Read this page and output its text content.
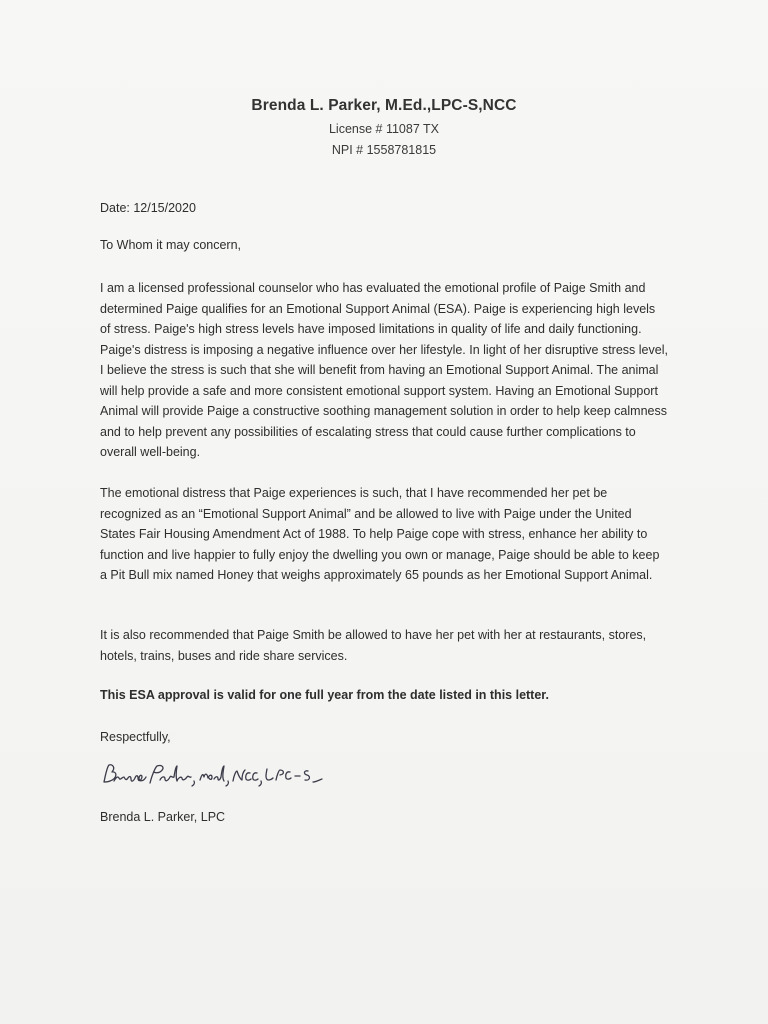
Brenda L. Parker, M.Ed.,LPC-S,NCC
License # 11087 TX
NPI # 1558781815
Date: 12/15/2020
To Whom it may concern,

I am a licensed professional counselor who has evaluated the emotional profile of Paige Smith and determined Paige qualifies for an Emotional Support Animal (ESA). Paige is experiencing high levels of stress. Paige's high stress levels have imposed limitations in quality of life and daily functioning. Paige's distress is imposing a negative influence over her lifestyle. In light of her disruptive stress level, I believe the stress is such that she will benefit from having an Emotional Support Animal. The animal will help provide a safe and more consistent emotional support system. Having an Emotional Support Animal will provide Paige a constructive soothing management solution in order to help keep calmness and to help prevent any possibilities of escalating stress that could cause further complications to overall well-being.

The emotional distress that Paige experiences is such, that I have recommended her pet be recognized as an “Emotional Support Animal” and be allowed to live with Paige under the United States Fair Housing Amendment Act of 1988. To help Paige cope with stress, enhance her ability to function and live happier to fully enjoy the dwelling you own or manage, Paige should be able to keep a Pit Bull mix named Honey that weighs approximately 65 pounds as her Emotional Support Animal.

It is also recommended that Paige Smith be allowed to have her pet with her at restaurants, stores, hotels, trains, buses and ride share services.

This ESA approval is valid for one full year from the date listed in this letter.
Respectfully,
Brenda L. Parker, LPC
